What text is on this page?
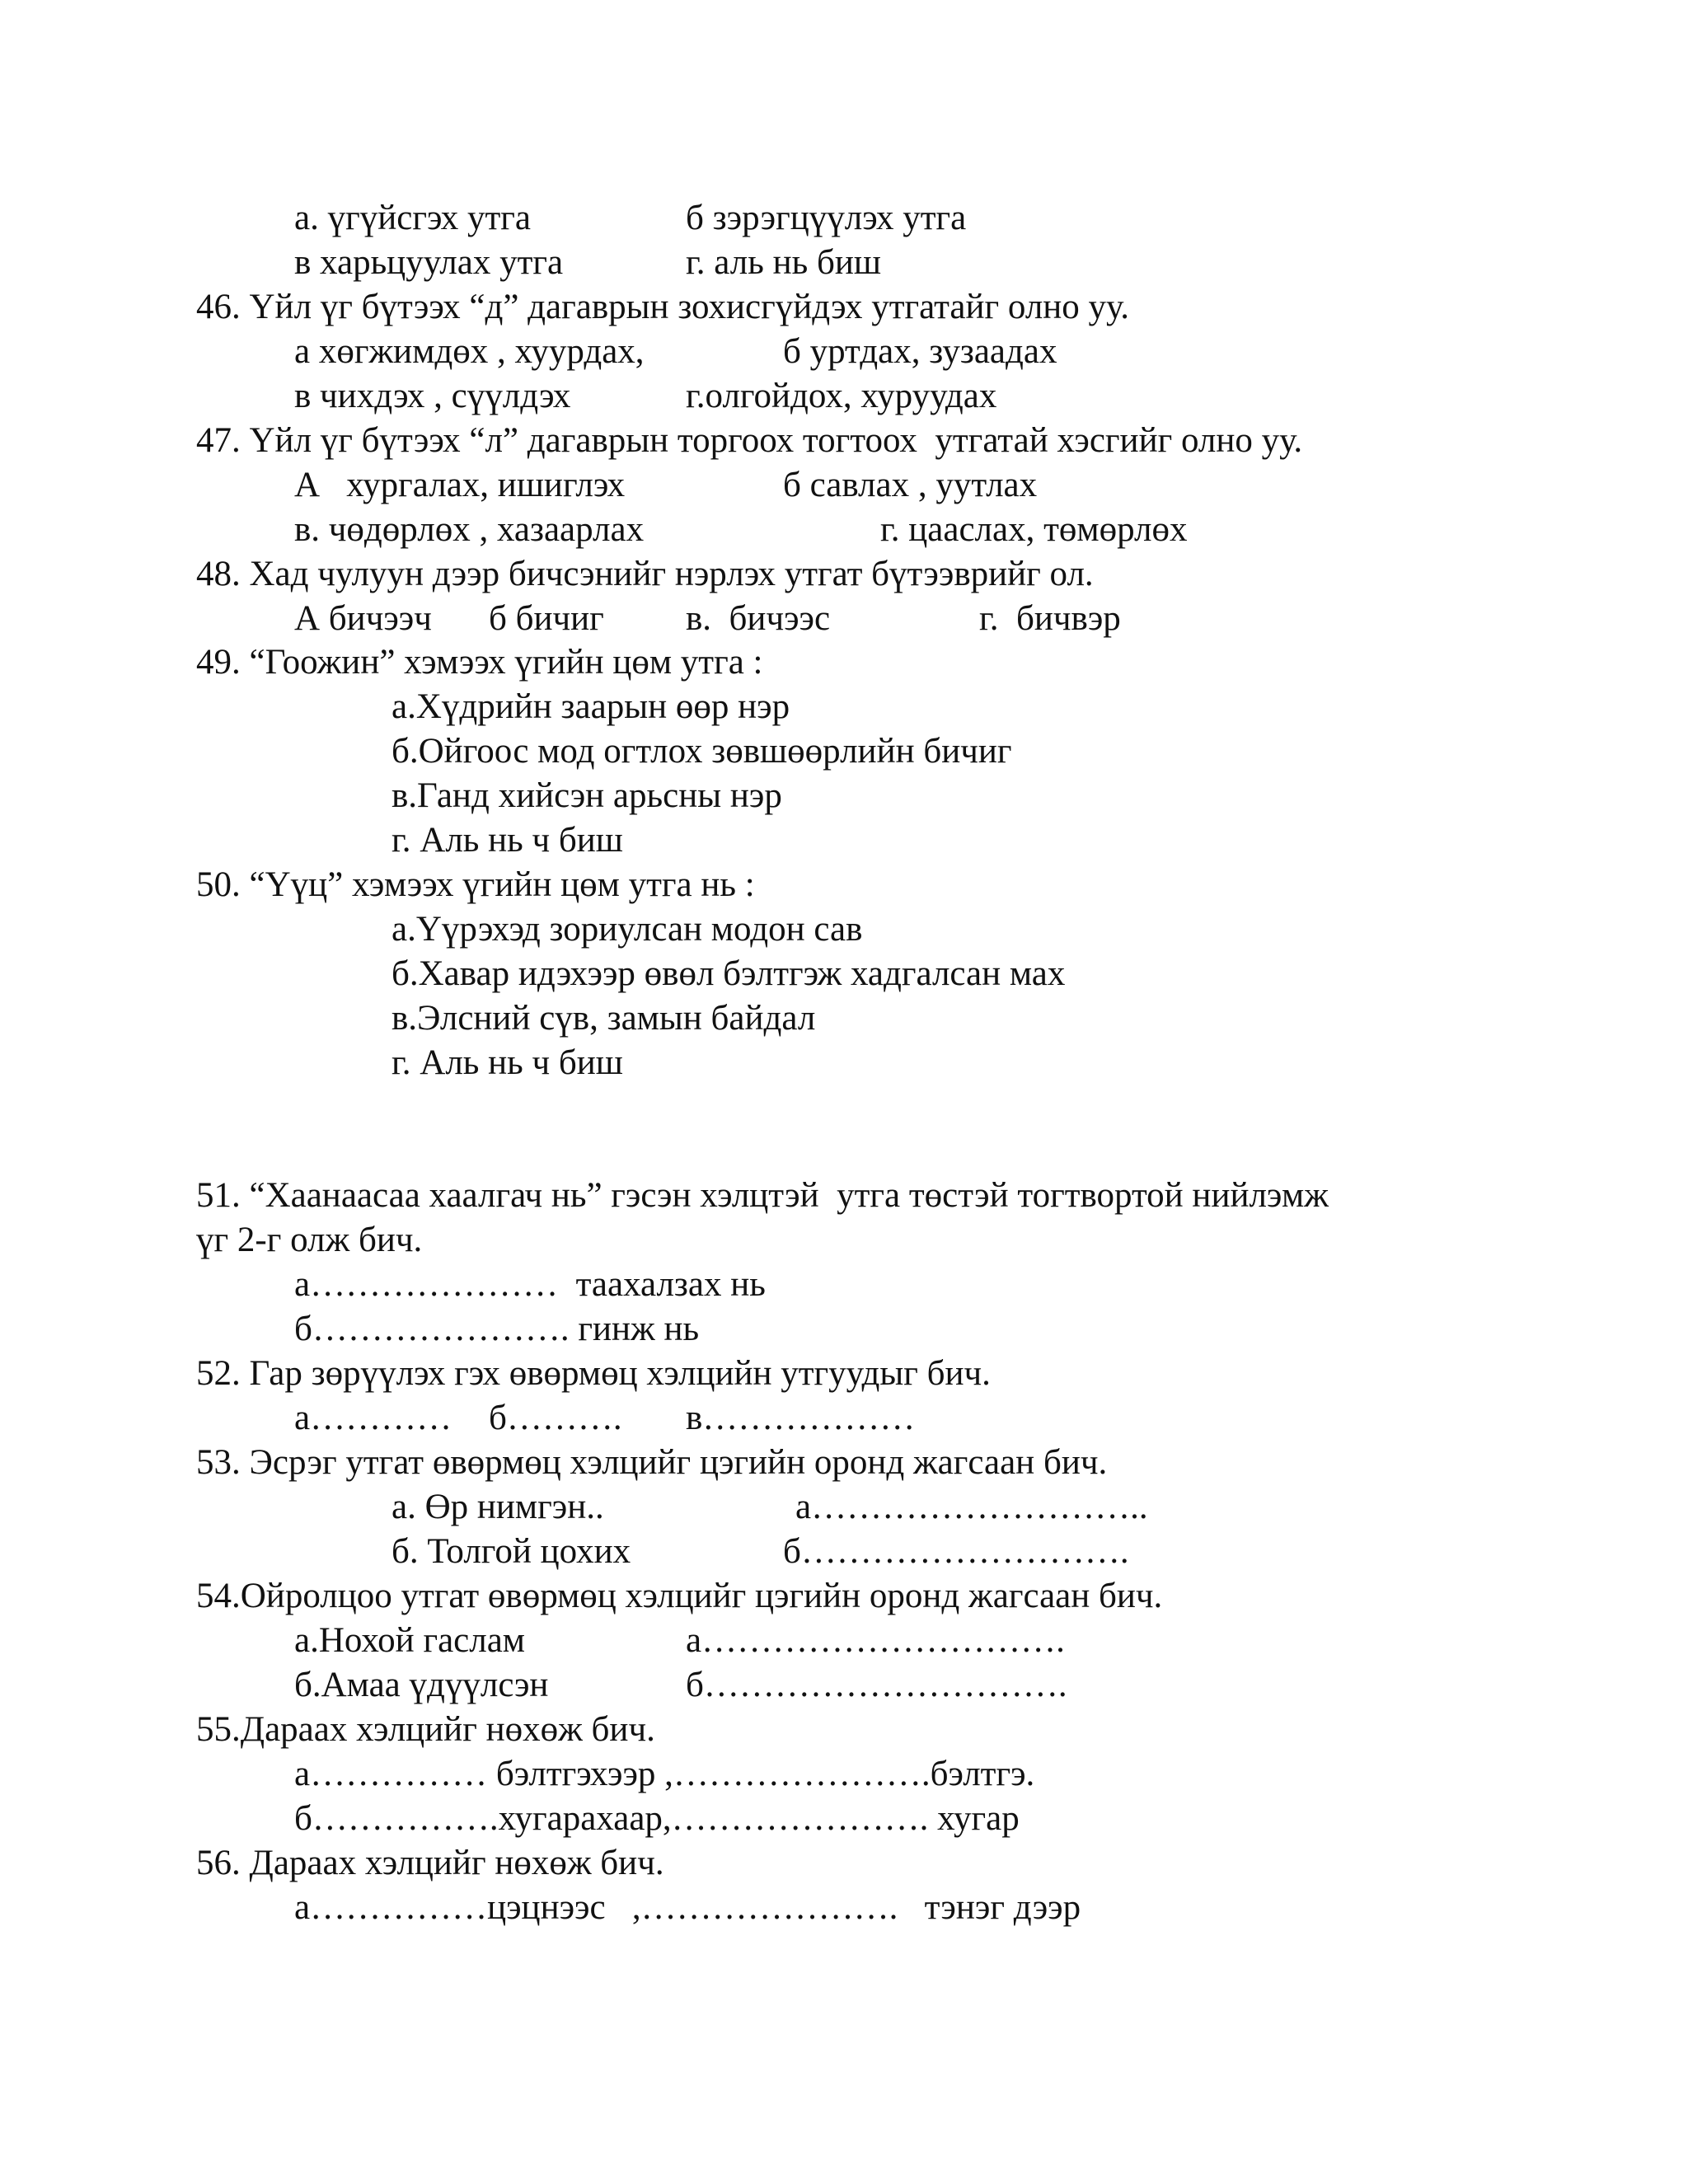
а. үгүйсгэх утга	б зэрэгцүүлэх утга
в харьцуулах утга	г. аль нь биш
46. Үйл үг бүтээх “д” дагаврын зохисгүйдэх утгатайг олно уу.
а хөгжимдөх , хуурдах,	б уртдах, зузаадах
в чихдэх , сүүлдэх	г.олгойдох, хуруудах
47. Үйл үг бүтээх “л” дагаврын торгоох тогтоох  утгатай хэсгийг олно уу.
А   хургалах, ишиглэх	б савлах , уутлах
в. чөдөрлөх , хазаарлах	г. цааслах, төмөрлөх
48. Хад чулуун дээр бичсэнийг нэрлэх утгат бүтээврийг ол.
А бичээч б бичиг в.  бичээс	г.  бичвэр
49. “Гоожин” хэмээх үгийн цөм утга :
а.Хүдрийн заарын өөр нэр
б.Ойгоос мод огтлох зөвшөөрлийн бичиг
в.Ганд хийсэн арьсны нэр
г. Аль нь ч биш
50. “Үүц” хэмээх үгийн цөм утга нь :
а.Үүрэхэд зориулсан модон сав
б.Хавар идэхээр өвөл бэлтгэж хадгалсан мах
в.Элсний сүв, замын байдал
г. Аль нь ч биш
51. “Хаанаасаа хаалгач нь” гэсэн хэлцтэй  утга төстэй тогтвортой нийлэмж
үг 2-г олж бич.
а…………………  таахалзах нь
б…………………. гинж нь
52. Гар зөрүүлэх гэх өвөрмөц хэлцийн утгуудыг бич.
а………… б………. в………………
53. Эсрэг утгат өвөрмөц хэлцийг цэгийн оронд жагсаан бич.
а. Өр нимгэн..	а………………………..
б. Толгой цохих	б……………………….
54.Ойролцоо утгат өвөрмөц хэлцийг цэгийн оронд жагсаан бич.
а.Нохой гаслам	а………………………….
б.Амаа үдүүлсэн	б………………………….
55.Дараах хэлцийг нөхөж бич.
а…………… бэлтгэхээр ,………………….бэлтгэ.
б…………….хугарахаар,…………………. хугар
56. Дараах хэлцийг нөхөж бич.
а……………цэцнээс   ,………………….   тэнэг дээр
